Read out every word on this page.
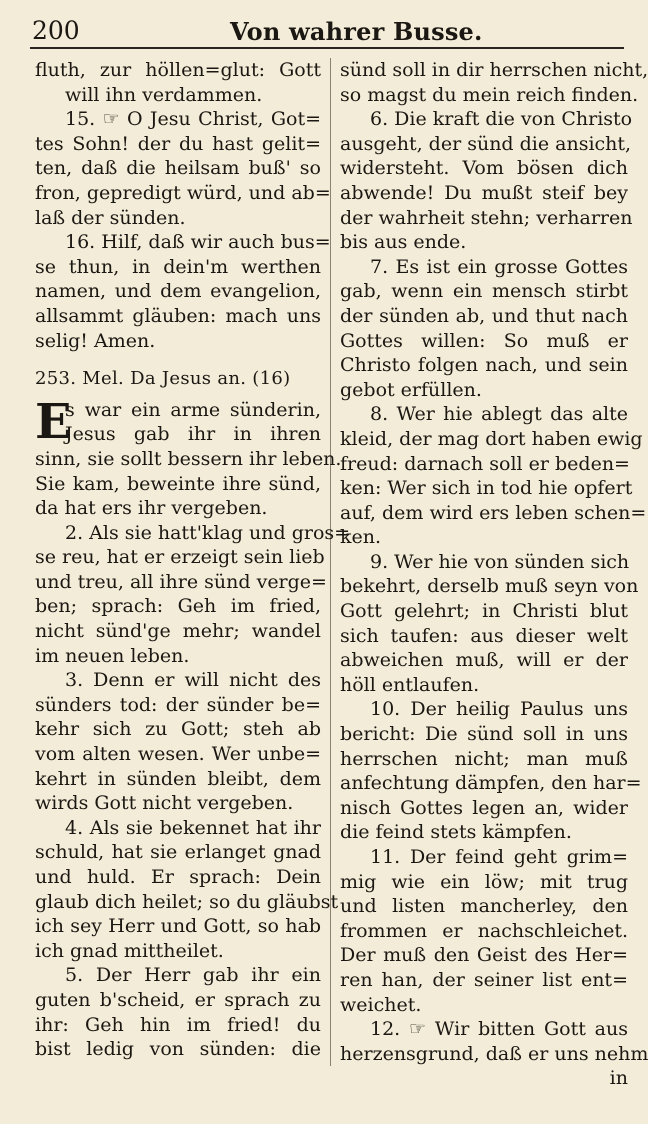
200	Von wahrer Busse.
fluth, zur höllen=glut: Gott
will ihn verdammen.
15. ☞ O Jesu Christ, Got=
tes Sohn! der du hast gelit=
ten, daß die heilsam buß' so
fron, gepredigt würd, und ab=
laß der sünden.
16. Hilf, daß wir auch bus=
se thun, in dein'm werthen
namen, und dem evangelion,
allsammt gläuben: mach uns
selig! Amen.
253. Mel. Da Jesus an. (16)
E
s war ein arme sünderin,
Jesus gab ihr in ihren
sinn, sie sollt bessern ihr leben.
Sie kam, beweinte ihre sünd,
da hat ers ihr vergeben.
2. Als sie hatt'klag und gros=
se reu, hat er erzeigt sein lieb
und treu, all ihre sünd verge=
ben; sprach: Geh im fried,
nicht sünd'ge mehr; wandel
im neuen leben.
3. Denn er will nicht des
sünders tod: der sünder be=
kehr sich zu Gott; steh ab
vom alten wesen. Wer unbe=
kehrt in sünden bleibt, dem
wirds Gott nicht vergeben.
4. Als sie bekennet hat ihr
schuld, hat sie erlanget gnad
und huld. Er sprach: Dein
glaub dich heilet; so du gläubst
ich sey Herr und Gott, so hab
ich gnad mittheilet.
5. Der Herr gab ihr ein
guten b'scheid, er sprach zu
ihr: Geh hin im fried! du
bist ledig von sünden: die
sünd soll in dir herrschen nicht,
so magst du mein reich finden.
6. Die kraft die von Christo
ausgeht, der sünd die ansicht,
widersteht. Vom bösen dich
abwende! Du mußt steif bey
der wahrheit stehn; verharren
bis aus ende.
7. Es ist ein grosse Gottes
gab, wenn ein mensch stirbt
der sünden ab, und thut nach
Gottes willen: So muß er
Christo folgen nach, und sein
gebot erfüllen.
8. Wer hie ablegt das alte
kleid, der mag dort haben ewig
freud: darnach soll er beden=
ken: Wer sich in tod hie opfert
auf, dem wird ers leben schen=
ken.
9. Wer hie von sünden sich
bekehrt, derselb muß seyn von
Gott gelehrt; in Christi blut
sich taufen: aus dieser welt
abweichen muß, will er der
höll entlaufen.
10. Der heilig Paulus uns
bericht: Die sünd soll in uns
herrschen nicht; man muß
anfechtung dämpfen, den har=
nisch Gottes legen an, wider
die feind stets kämpfen.
11. Der feind geht grim=
mig wie ein löw; mit trug
und listen mancherley, den
frommen er nachschleichet.
Der muß den Geist des Her=
ren han, der seiner list ent=
weichet.
12. ☞ Wir bitten Gott aus
herzensgrund, daß er uns nehm
in
